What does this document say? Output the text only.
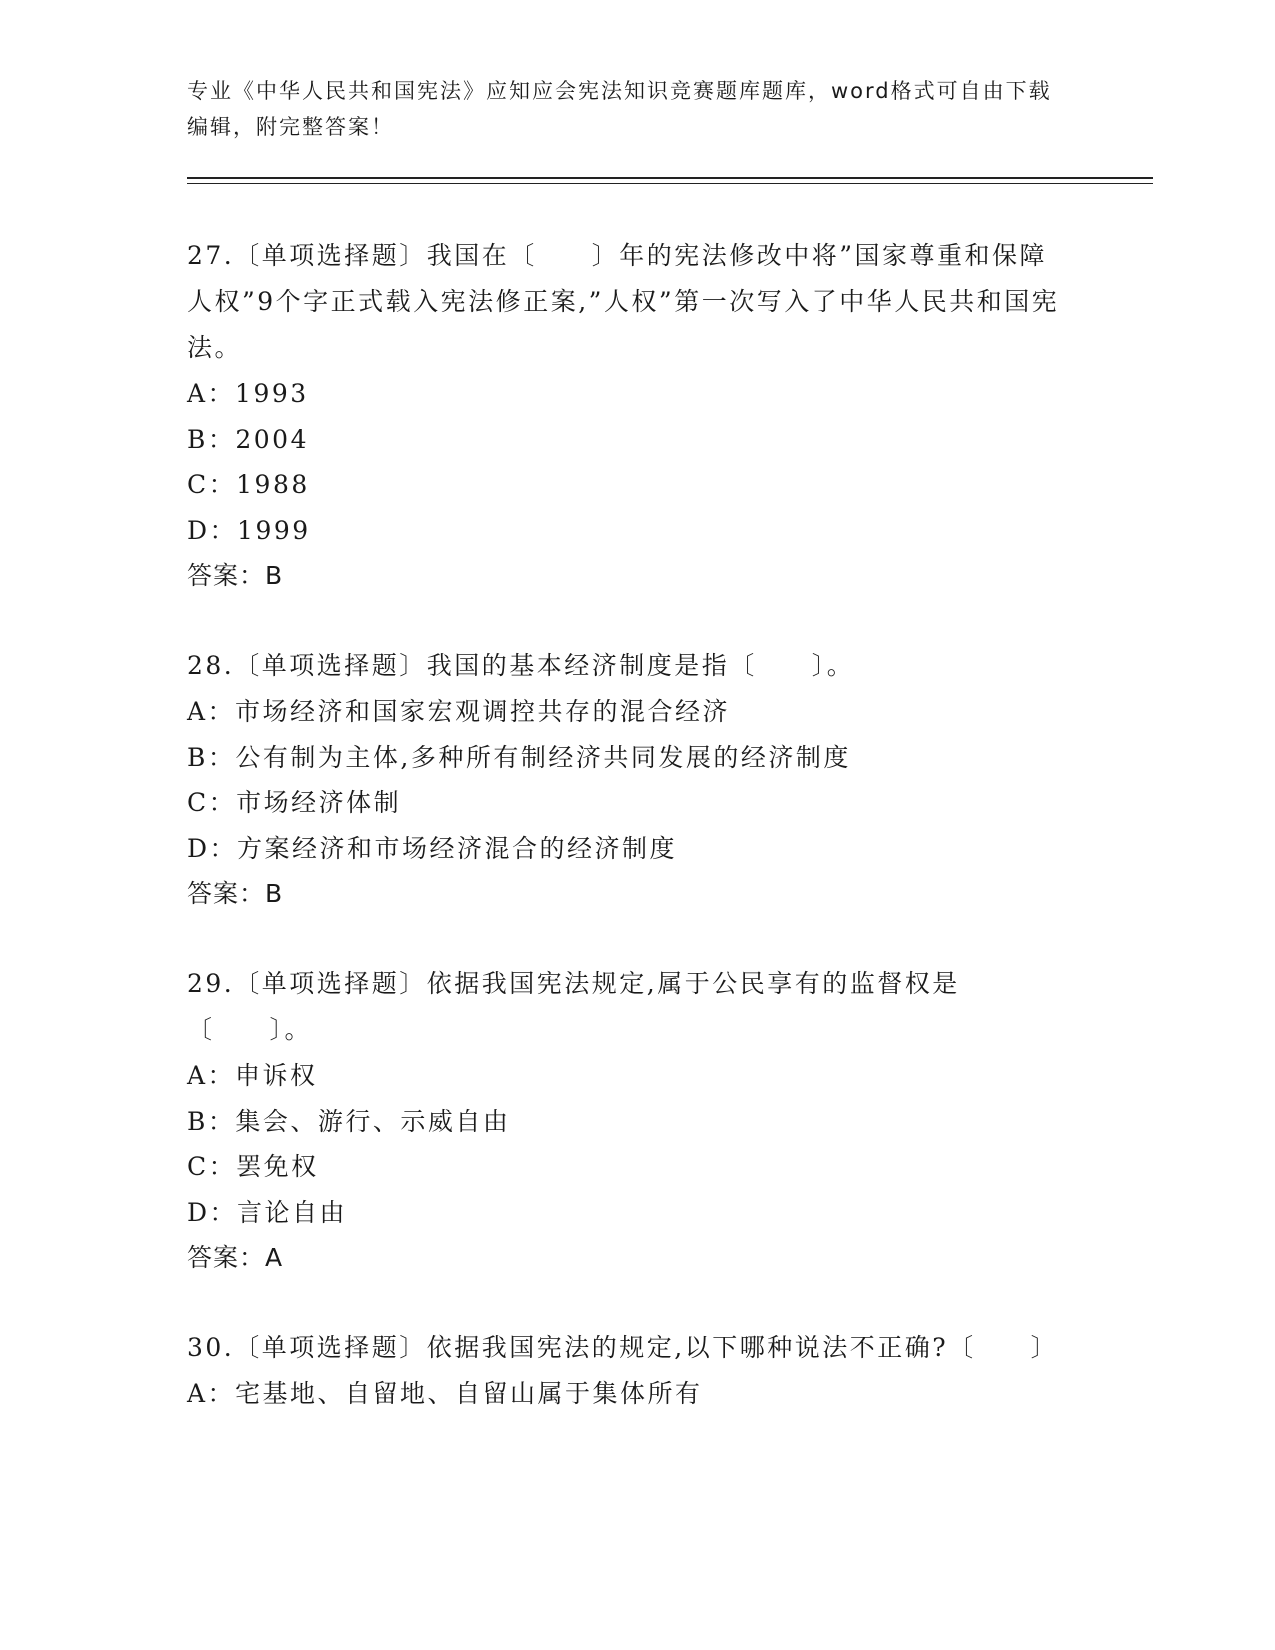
专业《中华人民共和国宪法》应知应会宪法知识竞赛题库题库，word格式可自由下载编辑，附完整答案！

27.〔单项选择题〕我国在〔　　〕年的宪法修改中将”国家尊重和保障人权”9个字正式载入宪法修正案,”人权”第一次写入了中华人民共和国宪法。

A：1993

B：2004

C：1988

D：1999

答案：B

28.〔单项选择题〕我国的基本经济制度是指〔　　〕。

A：市场经济和国家宏观调控共存的混合经济

B：公有制为主体,多种所有制经济共同发展的经济制度

C：市场经济体制

D：方案经济和市场经济混合的经济制度

答案：B

29.〔单项选择题〕依据我国宪法规定,属于公民享有的监督权是〔　　〕。

A：申诉权

B：集会、游行、示威自由

C：罢免权

D：言论自由

答案：A

30.〔单项选择题〕依据我国宪法的规定,以下哪种说法不正确?〔　　〕

A：宅基地、自留地、自留山属于集体所有
